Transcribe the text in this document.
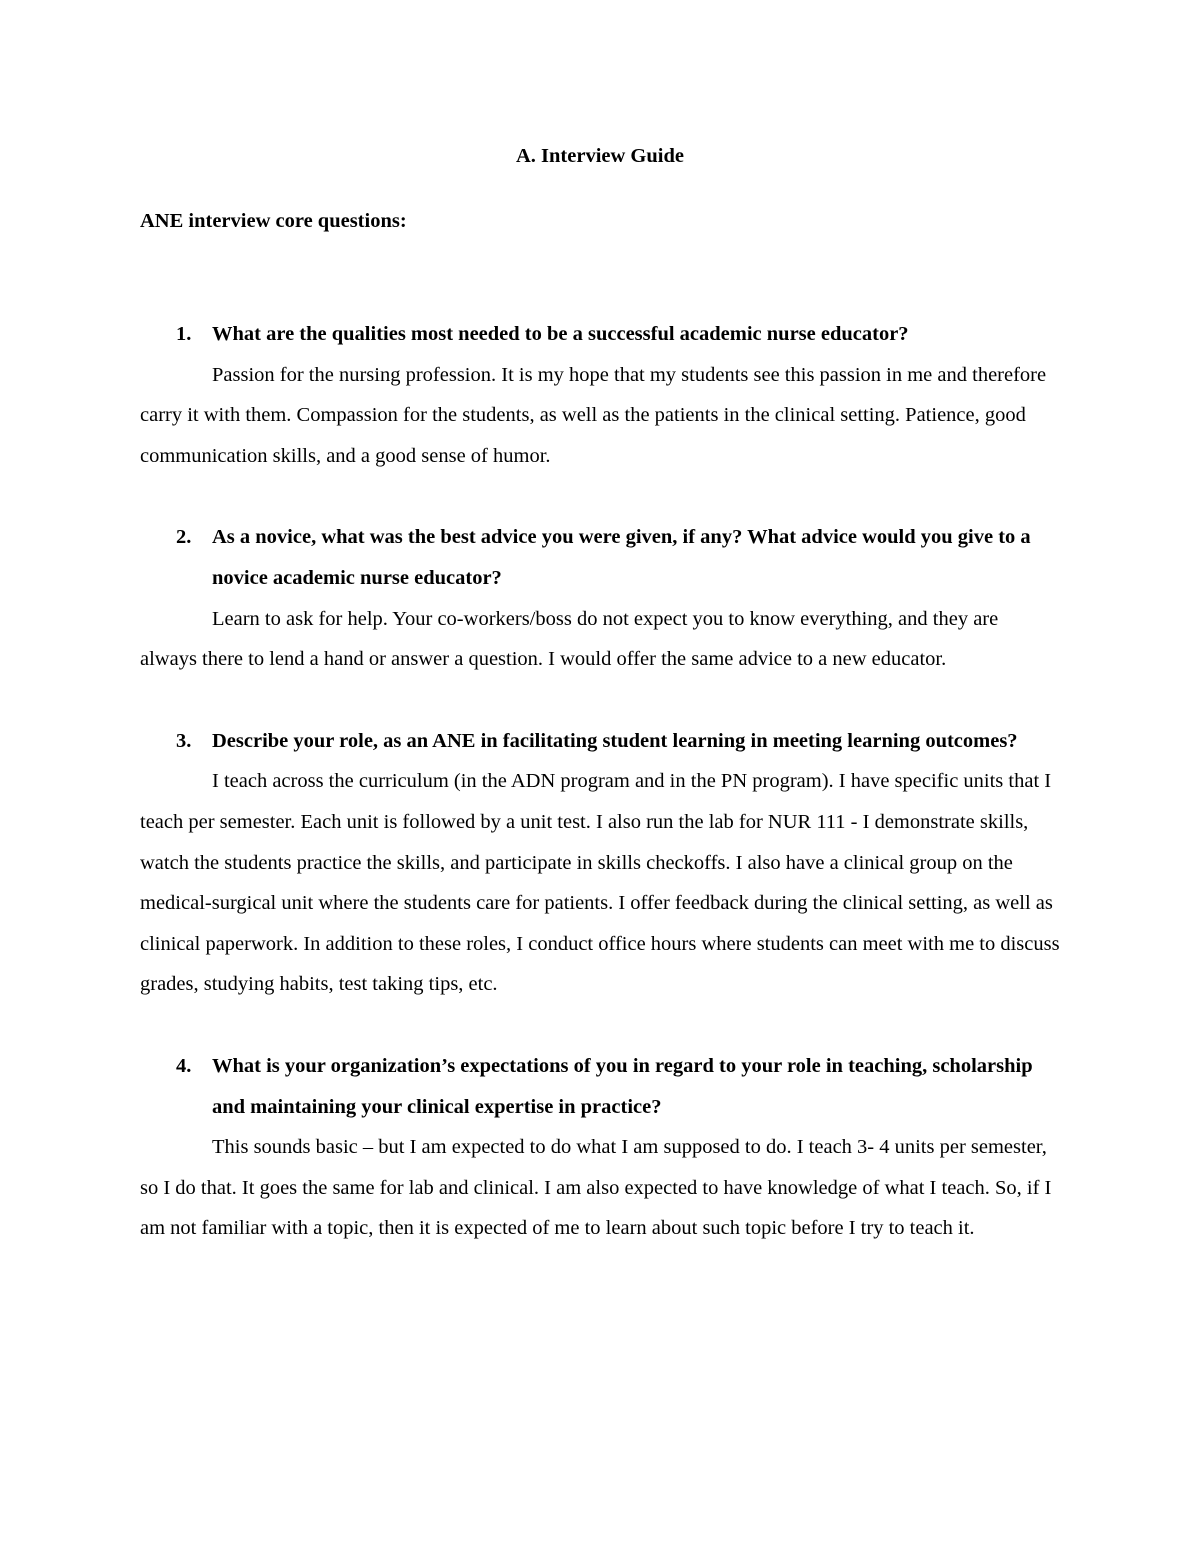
A. Interview Guide

ANE interview core questions:

1. What are the qualities most needed to be a successful academic nurse educator?

Passion for the nursing profession. It is my hope that my students see this passion in me and therefore carry it with them. Compassion for the students, as well as the patients in the clinical setting. Patience, good communication skills, and a good sense of humor.

2. As a novice, what was the best advice you were given, if any? What advice would you give to a novice academic nurse educator?

Learn to ask for help. Your co-workers/boss do not expect you to know everything, and they are always there to lend a hand or answer a question. I would offer the same advice to a new educator.

3. Describe your role, as an ANE in facilitating student learning in meeting learning outcomes?

I teach across the curriculum (in the ADN program and in the PN program). I have specific units that I teach per semester. Each unit is followed by a unit test. I also run the lab for NUR 111 - I demonstrate skills, watch the students practice the skills, and participate in skills checkoffs. I also have a clinical group on the medical-surgical unit where the students care for patients. I offer feedback during the clinical setting, as well as clinical paperwork. In addition to these roles, I conduct office hours where students can meet with me to discuss grades, studying habits, test taking tips, etc.

4. What is your organization’s expectations of you in regard to your role in teaching, scholarship and maintaining your clinical expertise in practice?

This sounds basic – but I am expected to do what I am supposed to do. I teach 3- 4 units per semester, so I do that. It goes the same for lab and clinical. I am also expected to have knowledge of what I teach. So, if I am not familiar with a topic, then it is expected of me to learn about such topic before I try to teach it.
